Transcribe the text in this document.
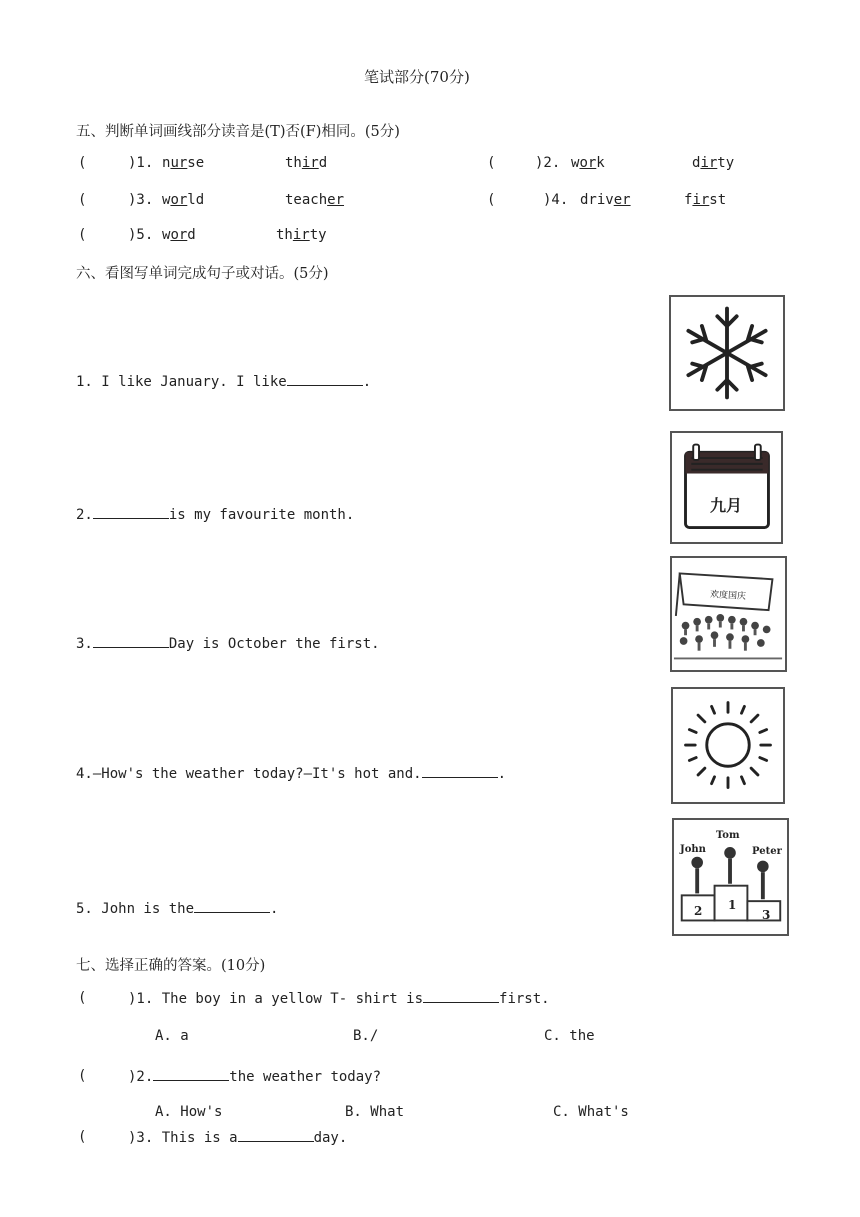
笔试部分(70分)
五、判断单词画线部分读音是(T)否(F)相同。(5分)
(	)1. nurse	third	(	)2. work	dirty
(	)3. world	teacher	(	)4. driver	first
(	)5. word	thirty
六、看图写单词完成句子或对话。(5分)
1. I like January. I like	.
2.	is my favourite month.
3.	Day is October the first.
4.—How's the weather today?—It's hot and.	.
5. John is the	.
九月
欢度国庆
John
Tom
Peter
2 1
3
七、选择正确的答案。(10分)
(	)1. The boy in a yellow T- shirt is	first.
A. a	B./	C. the
(	)2.	the weather today?
A. How's	B. What	C. What's
(	)3. This is a	day.
